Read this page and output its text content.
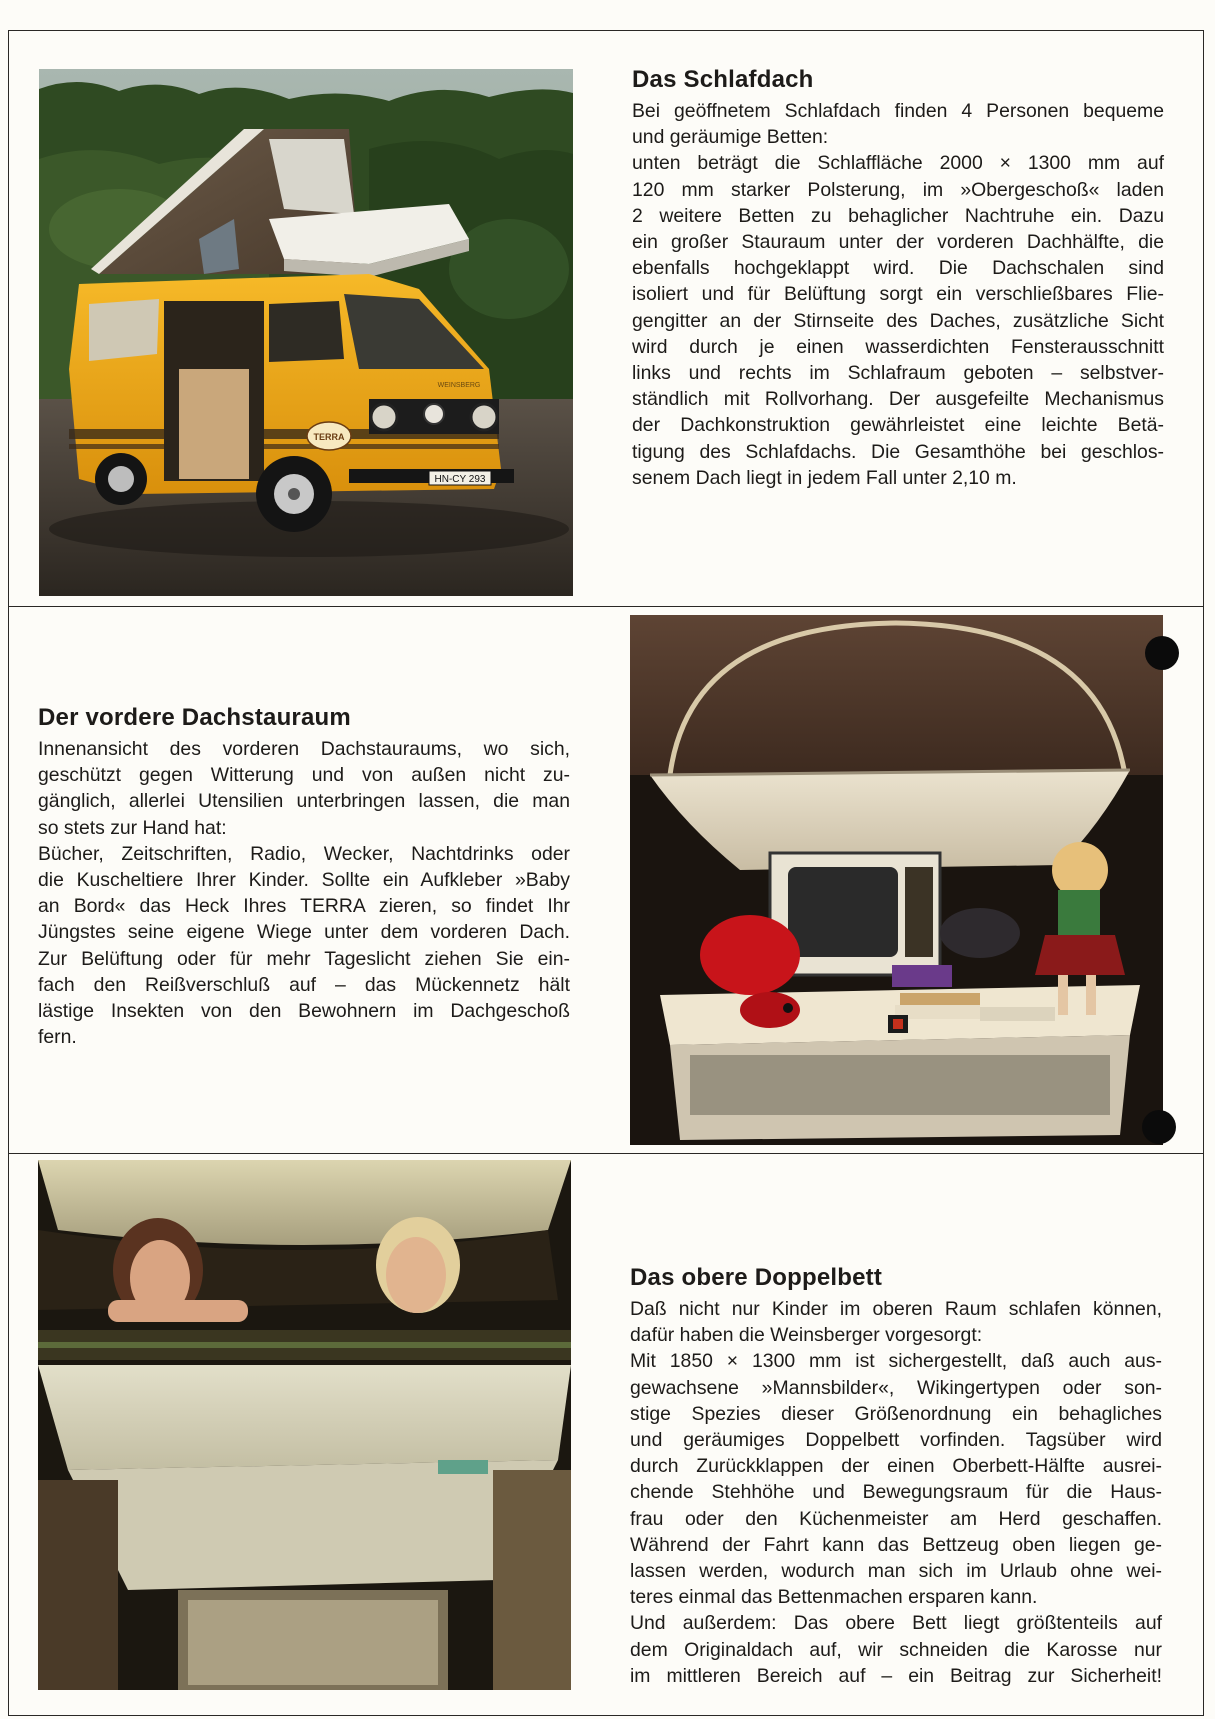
HN-CY 293
TERRA
WEINSBERG
Das Schlafdach
Bei geöffnetem Schlafdach finden 4 Personen bequeme
und geräumige Betten:
unten beträgt die Schlaffläche 2000 × 1300 mm auf
120 mm starker Polsterung, im »Obergeschoß« laden
2 weitere Betten zu behaglicher Nachtruhe ein. Dazu
ein großer Stauraum unter der vorderen Dachhälfte, die
ebenfalls hochgeklappt wird. Die Dachschalen sind
isoliert und für Belüftung sorgt ein verschließbares Flie-
gengitter an der Stirnseite des Daches, zusätzliche Sicht
wird durch je einen wasserdichten Fensterausschnitt
links und rechts im Schlafraum geboten – selbstver-
ständlich mit Rollvorhang. Der ausgefeilte Mechanismus
der Dachkonstruktion gewährleistet eine leichte Betä-
tigung des Schlafdachs. Die Gesamthöhe bei geschlos-
senem Dach liegt in jedem Fall unter 2,10 m.
Der vordere Dachstauraum
Innenansicht des vorderen Dachstauraums, wo sich,
geschützt gegen Witterung und von außen nicht zu-
gänglich, allerlei Utensilien unterbringen lassen, die man
so stets zur Hand hat:
Bücher, Zeitschriften, Radio, Wecker, Nachtdrinks oder
die Kuscheltiere Ihrer Kinder. Sollte ein Aufkleber »Baby
an Bord« das Heck Ihres TERRA zieren, so findet Ihr
Jüngstes seine eigene Wiege unter dem vorderen Dach.
Zur Belüftung oder für mehr Tageslicht ziehen Sie ein-
fach den Reißverschluß auf – das Mückennetz hält
lästige Insekten von den Bewohnern im Dachgeschoß
fern.
Das obere Doppelbett
Daß nicht nur Kinder im oberen Raum schlafen können,
dafür haben die Weinsberger vorgesorgt:
Mit 1850 × 1300 mm ist sichergestellt, daß auch aus-
gewachsene »Mannsbilder«, Wikingertypen oder son-
stige Spezies dieser Größenordnung ein behagliches
und geräumiges Doppelbett vorfinden. Tagsüber wird
durch Zurückklappen der einen Oberbett-Hälfte ausrei-
chende Stehhöhe und Bewegungsraum für die Haus-
frau oder den Küchenmeister am Herd geschaffen.
Während der Fahrt kann das Bettzeug oben liegen ge-
lassen werden, wodurch man sich im Urlaub ohne wei-
teres einmal das Bettenmachen ersparen kann.
Und außerdem: Das obere Bett liegt größtenteils auf
dem Originaldach auf, wir schneiden die Karosse nur
im mittleren Bereich auf – ein Beitrag zur Sicherheit!
